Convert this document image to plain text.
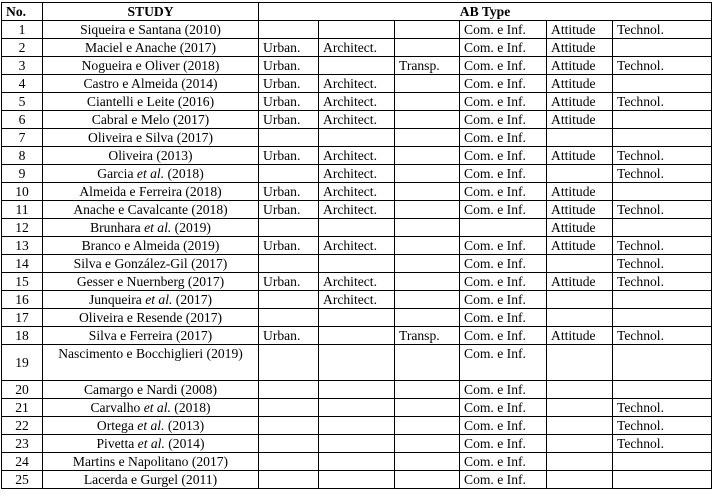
No.	STUDY	AB Type					
1	Siqueira e Santana (2010)				Com. e Inf.	Attitude	Technol.
2	Maciel e Anache (2017)	Urban.	Architect.		Com. e Inf.	Attitude	
3	Nogueira e Oliver (2018)	Urban.		Transp.	Com. e Inf.	Attitude	Technol.
4	Castro e Almeida (2014)	Urban.	Architect.		Com. e Inf.	Attitude	
5	Ciantelli e Leite (2016)	Urban.	Architect.		Com. e Inf.	Attitude	Technol.
6	Cabral e Melo (2017)	Urban.	Architect.		Com. e Inf.	Attitude	
7	Oliveira e Silva (2017)				Com. e Inf.		
8	Oliveira (2013)	Urban.	Architect.		Com. e Inf.	Attitude	Technol.
9	Garcia et al. (2018)		Architect.		Com. e Inf.		Technol.
10	Almeida e Ferreira (2018)	Urban.	Architect.		Com. e Inf.	Attitude	
11	Anache e Cavalcante (2018)	Urban.	Architect.		Com. e Inf.	Attitude	Technol.
12	Brunhara et al. (2019)					Attitude	
13	Branco e Almeida (2019)	Urban.	Architect.		Com. e Inf.	Attitude	Technol.
14	Silva e González-Gil (2017)				Com. e Inf.		Technol.
15	Gesser e Nuernberg (2017)	Urban.	Architect.		Com. e Inf.	Attitude	Technol.
16	Junqueira et al. (2017)		Architect.		Com. e Inf.		
17	Oliveira e Resende (2017)				Com. e Inf.		
18	Silva e Ferreira (2017)	Urban.		Transp.	Com. e Inf.	Attitude	Technol.
19	Nascimento e Bocchiglieri (2019)				Com. e Inf.		
20	Camargo e Nardi (2008)				Com. e Inf.		
21	Carvalho et al. (2018)				Com. e Inf.		Technol.
22	Ortega et al. (2013)				Com. e Inf.		Technol.
23	Pivetta et al. (2014)				Com. e Inf.		Technol.
24	Martins e Napolitano (2017)				Com. e Inf.		
25	Lacerda e Gurgel (2011)				Com. e Inf.		
